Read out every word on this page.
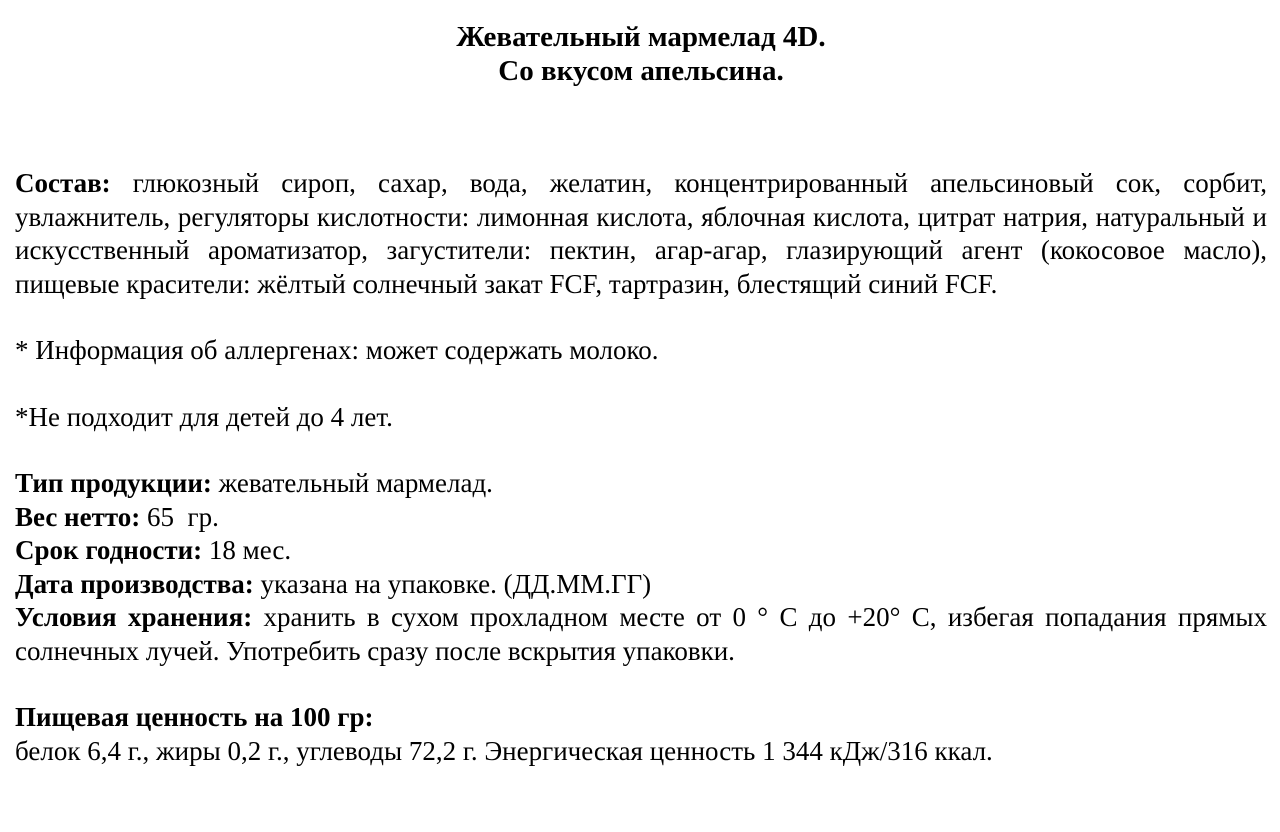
Жевательный мармелад 4D.
Со вкусом апельсина.

Состав: глюкозный сироп, сахар, вода, желатин, концентрированный апельсиновый сок, сорбит, увлажнитель, регуляторы кислотности: лимонная кислота, яблочная кислота, цитрат натрия, натуральный и искусственный ароматизатор, загустители: пектин, агар-агар, глазирующий агент (кокосовое масло), пищевые красители: жёлтый солнечный закат FCF, тартразин, блестящий синий FCF.

* Информация об аллергенах: может содержать молоко.

*Не подходит для детей до 4 лет.

Тип продукции: жевательный мармелад.

Вес нетто: 65  гр.

Срок годности: 18 мес.

Дата производства: указана на упаковке. (ДД.ММ.ГГ)

Условия хранения: хранить в сухом прохладном месте от 0 ° С до +20° C, избегая попадания прямых солнечных лучей. Употребить сразу после вскрытия упаковки.

Пищевая ценность на 100 гр:

белок 6,4 г., жиры 0,2 г., углеводы 72,2 г. Энергическая ценность 1 344 кДж/316 ккал.
